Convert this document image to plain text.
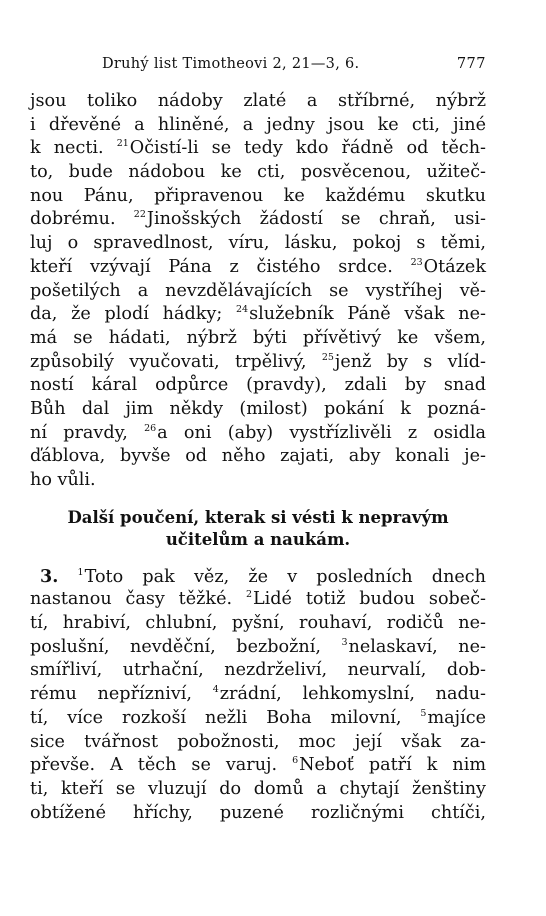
Druhý list Timotheovi 2, 21—3, 6.	777
jsou toliko nádoby zlaté a stříbrné, nýbrž
i dřevěné a hliněné, a jedny jsou ke cti, jiné
k necti. $^{21}$Očistí-li se tedy kdo řádně od těch-
to, bude nádobou ke cti, posvěcenou, užiteč-
nou Pánu, připravenou ke každému skutku
dobrému. $^{22}$Jinošských žádostí se chraň, usi-
luj o spravedlnost, víru, lásku, pokoj s těmi,
kteří vzývají Pána z čistého srdce. $^{23}$Otázek
pošetilých a nevzdělávajících se vystříhej vě-
da, že plodí hádky; $^{24}$služebník Páně však ne-
má se hádati, nýbrž býti přívětivý ke všem,
způsobilý vyučovati, trpělivý, $^{25}$jenž by s vlíd-
ností káral odpůrce (pravdy), zdali by snad
Bůh dal jim někdy (milost) pokání k pozná-
ní pravdy, $^{26}$a oni (aby) vystřízlivěli z osidla
ďáblova, byvše od něho zajati, aby konali je-
ho vůli.
Další poučení, kterak si vésti k nepravým
učitelům a naukám.
3. $^1$Toto pak věz, že v posledních dnech
nastanou časy těžké. $^2$Lidé totiž budou sobeč-
tí, hrabiví, chlubní, pyšní, rouhaví, rodičů ne-
poslušní, nevděční, bezbožní, $^3$nelaskaví, ne-
smířliví, utrhační, nezdrželiví, neurvalí, dob-
rému nepřízniví, $^4$zrádní, lehkomyslní, nadu-
tí, více rozkoší nežli Boha milovní, $^5$majíce
sice tvářnost pobožnosti, moc její však za-
převše. A těch se varuj. $^6$Neboť patří k nim
ti, kteří se vluzují do domů a chytají ženštiny
obtížené hříchy, puzené rozličnými chtíči,
